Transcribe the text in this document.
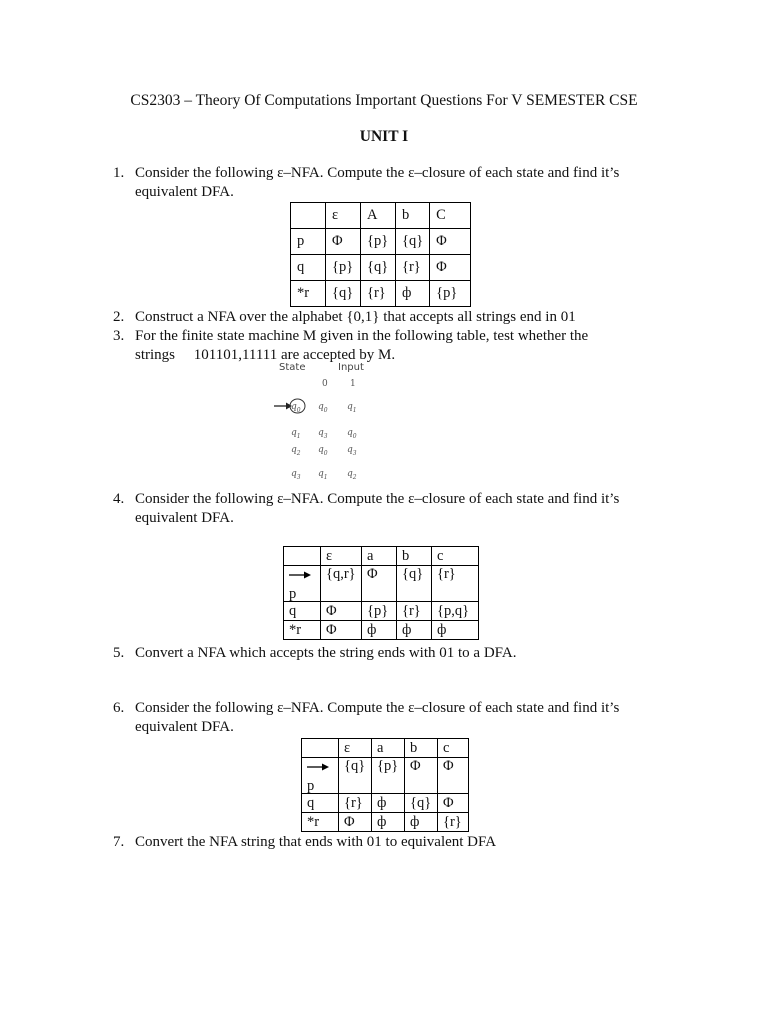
CS2303 – Theory Of Computations Important Questions For V SEMESTER CSE
UNIT I
1. Consider the following ε–NFA. Compute the ε–closure of each state and find it’s
equivalent DFA.
	ε	A	b	C
p	Φ	{p}	{q}	Φ
q	{p}	{q}	{r}	Φ
*r	{q}	{r}	ф	{p}
2. Construct a NFA over the alphabet {0,1} that accepts all strings end in 01
3. For the finite state machine M given in the following table, test whether the
strings     101101,11111 are accepted by M.
State	Input
0 1
$q_0$ $q_0$ $q_1$
$q_1$ $q_3$ $q_0$
$q_2$ $q_0$ $q_3$
$q_3$ $q_1$ $q_2$
4. Consider the following ε–NFA. Compute the ε–closure of each state and find it’s
equivalent DFA.
	ε	a	b	c

p	{q,r}	Φ	{q}	{r}
q	Φ	{p}	{r}	{p,q}
*r	Φ	ф	ф	ф
5. Convert a NFA which accepts the string ends with 01 to a DFA.
6. Consider the following ε–NFA. Compute the ε–closure of each state and find it’s
equivalent DFA.
	ε	a	b	c

p	{q}	{p}	Φ	Φ
q	{r}	ф	{q}	Φ
*r	Φ	ф	ф	{r}
7. Convert the NFA string that ends with 01 to equivalent DFA
